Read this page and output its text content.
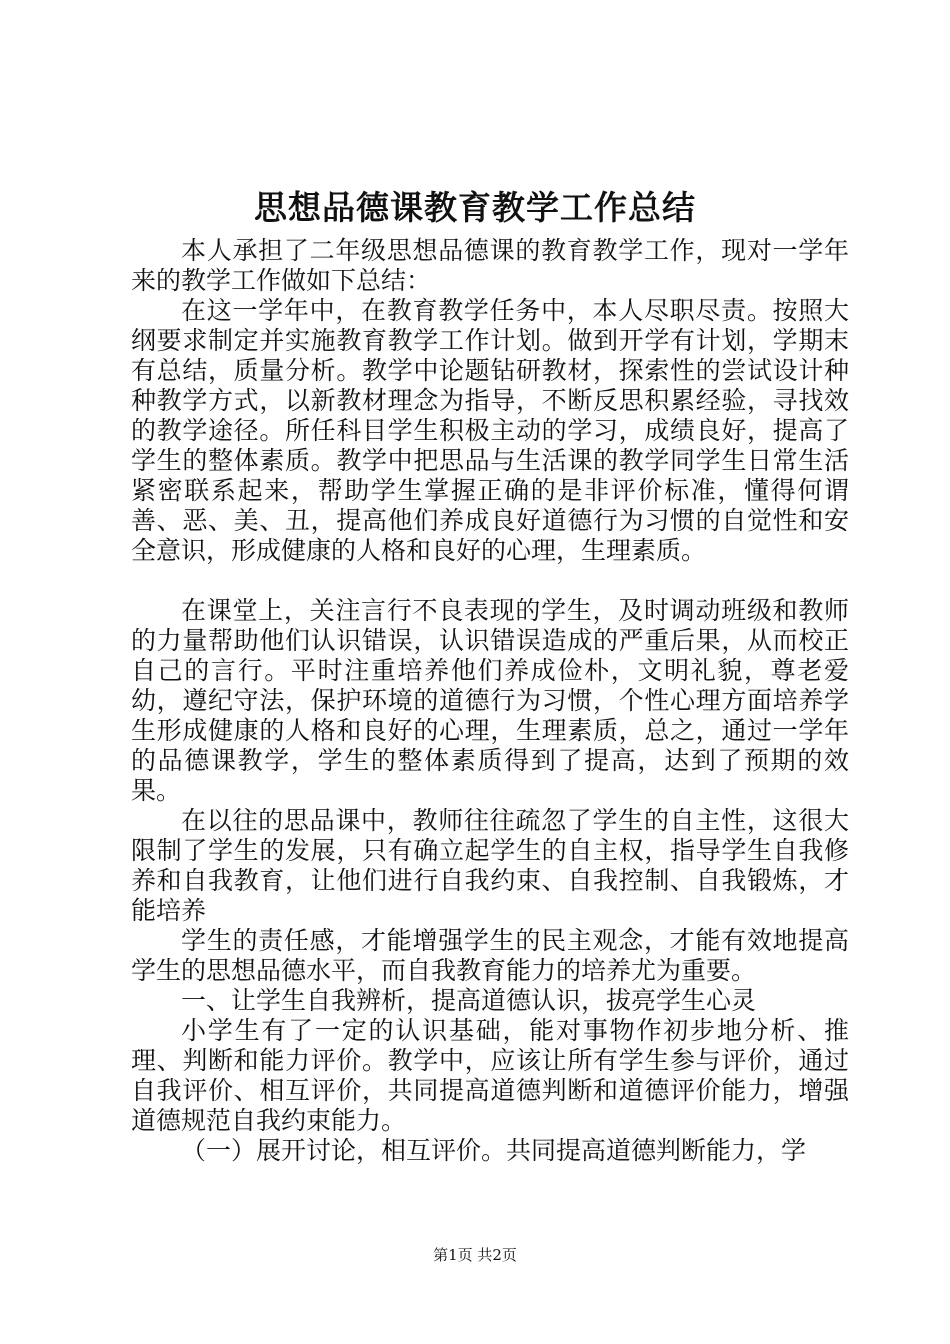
思想品德课教育教学工作总结

本人承担了二年级思想品德课的教育教学工作，现对一学年来的教学工作做如下总结：

在这一学年中，在教育教学任务中，本人尽职尽责。按照大纲要求制定并实施教育教学工作计划。做到开学有计划，学期末有总结，质量分析。教学中论题钻研教材，探索性的尝试设计种种教学方式，以新教材理念为指导，不断反思积累经验，寻找效的教学途径。所任科目学生积极主动的学习，成绩良好，提高了学生的整体素质。教学中把思品与生活课的教学同学生日常生活紧密联系起来，帮助学生掌握正确的是非评价标准，懂得何谓善、恶、美、丑，提高他们养成良好道德行为习惯的自觉性和安全意识，形成健康的人格和良好的心理，生理素质。

在课堂上，关注言行不良表现的学生，及时调动班级和教师的力量帮助他们认识错误，认识错误造成的严重后果，从而校正自己的言行。平时注重培养他们养成俭朴，文明礼貌，尊老爱幼，遵纪守法，保护环境的道德行为习惯，个性心理方面培养学生形成健康的人格和良好的心理，生理素质，总之，通过一学年的品德课教学，学生的整体素质得到了提高，达到了预期的效果。

在以往的思品课中，教师往往疏忽了学生的自主性，这很大限制了学生的发展，只有确立起学生的自主权，指导学生自我修养和自我教育，让他们进行自我约束、自我控制、自我锻炼，才能培养

学生的责任感，才能增强学生的民主观念，才能有效地提高学生的思想品德水平，而自我教育能力的培养尤为重要。

一、让学生自我辨析，提高道德认识，拔亮学生心灵

小学生有了一定的认识基础，能对事物作初步地分析、推理、判断和能力评价。教学中，应该让所有学生参与评价，通过自我评价、相互评价，共同提高道德判断和道德评价能力，增强道德规范自我约束能力。

（一）展开讨论，相互评价。共同提高道德判断能力，学

第1页 共2页
